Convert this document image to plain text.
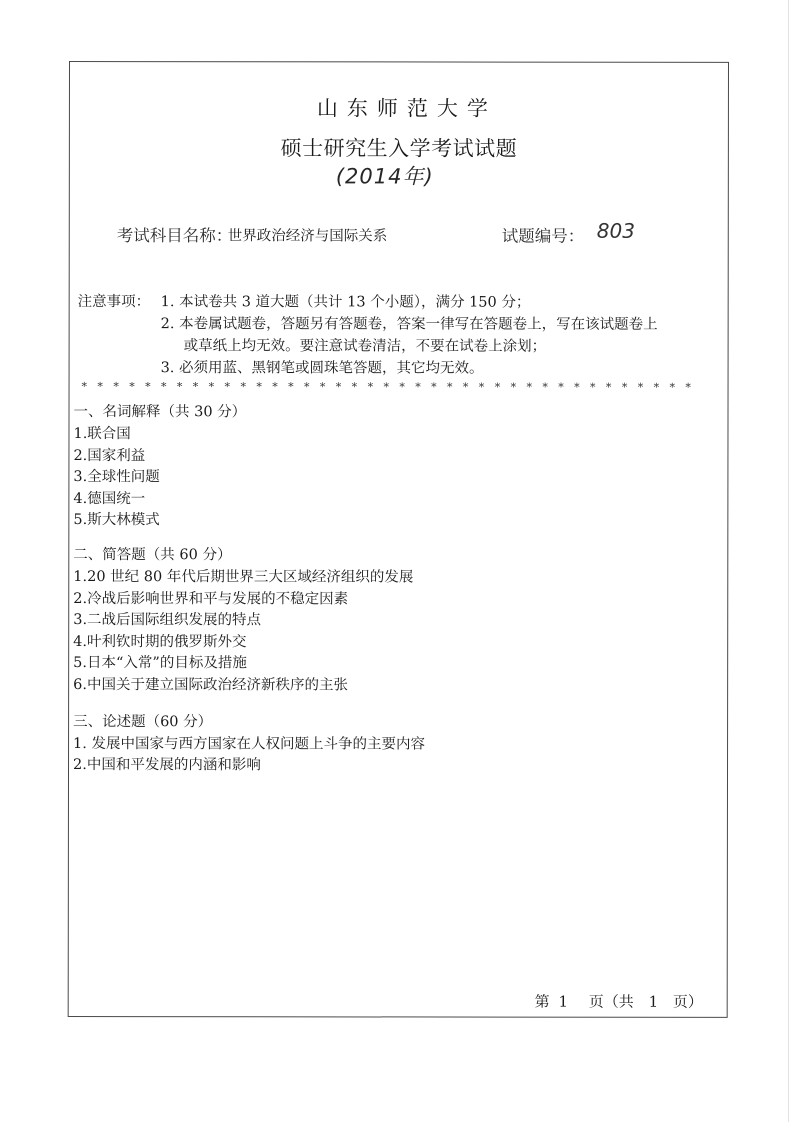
山东师范大学
硕士研究生入学考试试题
(2014年)
考试科目名称：
世界政治经济与国际关系	试题编号： 803
注意事项： 1. 本试卷共 3 道大题（共计 13 个小题），满分 150 分；
2. 本卷属试题卷，答题另有答题卷，答案一律写在答题卷上，写在该试题卷上
或草纸上均无效。要注意试卷清洁，不要在试卷上涂划；
3. 必须用蓝、黑钢笔或圆珠笔答题，其它均无效。
* * * * * * * * * * * * * * * * * * * * * * * * * * * * * * * * * * * * * * *
一、名词解释（共 30 分）
1.联合国
2.国家利益
3.全球性问题
4.德国统一
5.斯大林模式
二、简答题（共 60 分）
1.20 世纪 80 年代后期世界三大区域经济组织的发展
2.冷战后影响世界和平与发展的不稳定因素
3.二战后国际组织发展的特点
4.叶利钦时期的俄罗斯外交
5.日本“入常”的目标及措施
6.中国关于建立国际政治经济新秩序的主张
三、论述题（60 分）
1. 发展中国家与西方国家在人权问题上斗争的主要内容
2.中国和平发展的内涵和影响
第 1 页（共 1 页）
